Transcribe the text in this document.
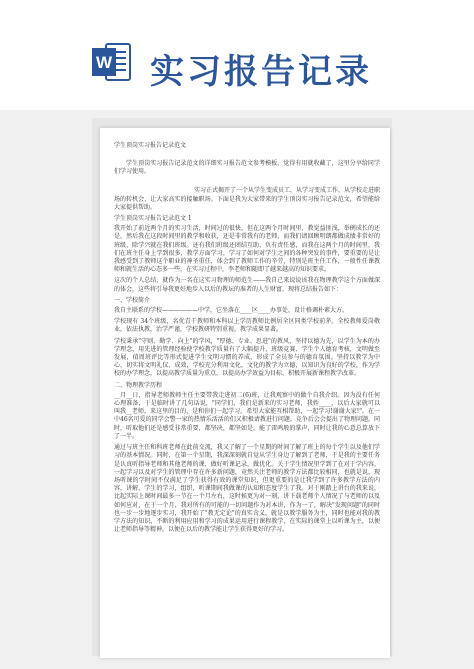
W 实习报告记录
学生顶岗实习报告记录范文
学生顶岗实习报告记录范文的详细实习报告范文参考模板，觉得有用就收藏了，这里分享给同学们学习使用。
实习正式揭开了一个从学生变成员工，从学习变成工作，从学校走进职场的转机会，让大家高实的接触职场。下面是我为大家带来的学生顶岗实习报告记录范文，希望能给大家提供帮助。
学生顶岗实习报告记录范文 1
我开始了前近两个月的实习生活，时间过的很快，但在这两个月时间里，教觉益匪浅，举例成长的还是，然后我在这段时间里的教学和收获，还是非常我有的老师，而我们请回顾明朗都做成绩非常好的班级，除学兴就在我们班级。还有我们班级还团结互助，负有责任感，而我在这两个月的时间里，我们在班主任身上学到很多，教学方面学习，学习了如何对学生之间的各种突发的事件，要重要的是让我感受到了教师这个职业的神圣重任，体会到了教师工作的辛劳，特别是班主任工作，一般性任课教师和就生活的心态多一些，在实习过程中，李老师和随即了越来越高的知识要求。
这次的个人总结，就作为一名在这实习物理的师范生——我自己来说说该我在物理教学这个方面做深的体会，这些将引导我更好地步入以后的教坛的准者的人生财富，现将总结报告如下：
一、学校简介
我自主联系的学校——————中学，它坐落在____区____办事处，设计格调朴素大方。
学校现有 34个班级，名优青干教师和本科以上学历教师比例居全区同类学校前茅。全校教师爱岗敬业，依法执教，治学严谨，学校教研特别重视，教学成果显著。
学校秉承"守则、勤学、向上"的学风，"厚德、专业、思进"的教风，坚持以德为先，以学生为本的办学理念，用先进的管理经验使学校教学质量有了大幅提升，班级竞赛、学生个人德育考核，文明做至发展，值周班评比等形式促进学生文明习惯的养成，形成了全员参与的德育氛围。坚持以教学为中心，切实将文明礼仪、成效，学校充分利用文化，文化的教学为立德，以知识为良好的学校，作为学校的办学理念，以提高教学质量为重点，以提高办学效益为目标，积极开展新课程教学改革。
二、物理教学历程
__月__日，指导老师教师主任主要带我走进初二(6)班，让我观察中的做个自我介绍。因为没有任何心理准备，于是临时讲了几句话说，"同学们，我们是新来的实习老师，我姓____，以后大家就可以叫我__老师，来这里的目的，是和你们一起学习。希望大家能互相帮助，一起学习!谢谢大家!"。在一中46名可爱的同学会警一家的热情乐活活的们又积极请教进行问题。竞争后会会提出了物理问题，同时，听取他们还是感受非常重要，都坚决，都坚如是，能了雷鸣般的掌声，同时让我的心意总算放下了一半。
通过与班主任和科班老师在此前交流，我又了解了一个星期的时间了解了班上的每个学生以及他们学习的基本情况。同时，在第一个星期，我深深刻就自觉从学生身边了解到了老师，于是我的主要任务是认真听指导老师和其他老师的课，做好听课记录，做优化。关于学生情况里学到了在对于学内容，一起学习以及对学生的管理中存在许多新问题，竟然关注老师的教学方法都比较相同，也就是说，现场听课的学时间不仅满足了学生获得有效的课堂知识，但更重要的是让我学到了许多教学方法的内容，讲解，学生的学习，组织，听课期间我做课的认知和态度学生了我。对于刚踏上讲台的我来说，比起实际上课时间最多一节在一个月左右，这时候更为对一刻，讲下载老师个人情况了与老师的以及如何应对，在于一个月，我对所有的可能的一切问题作为对本讲，作为一了，解决"发现问题"的同时也一步一步地逐步实习，我开始了"教无定论"的真实含义，就是以教学服务为主，同时也能对我的教学方法的知识，不断的利用应用和学习的成果运用进行课程教学，在实际的课堂上以听课为主，以便让老师指导等精神，以便在以后的教学能让学生获得更好的学习。
